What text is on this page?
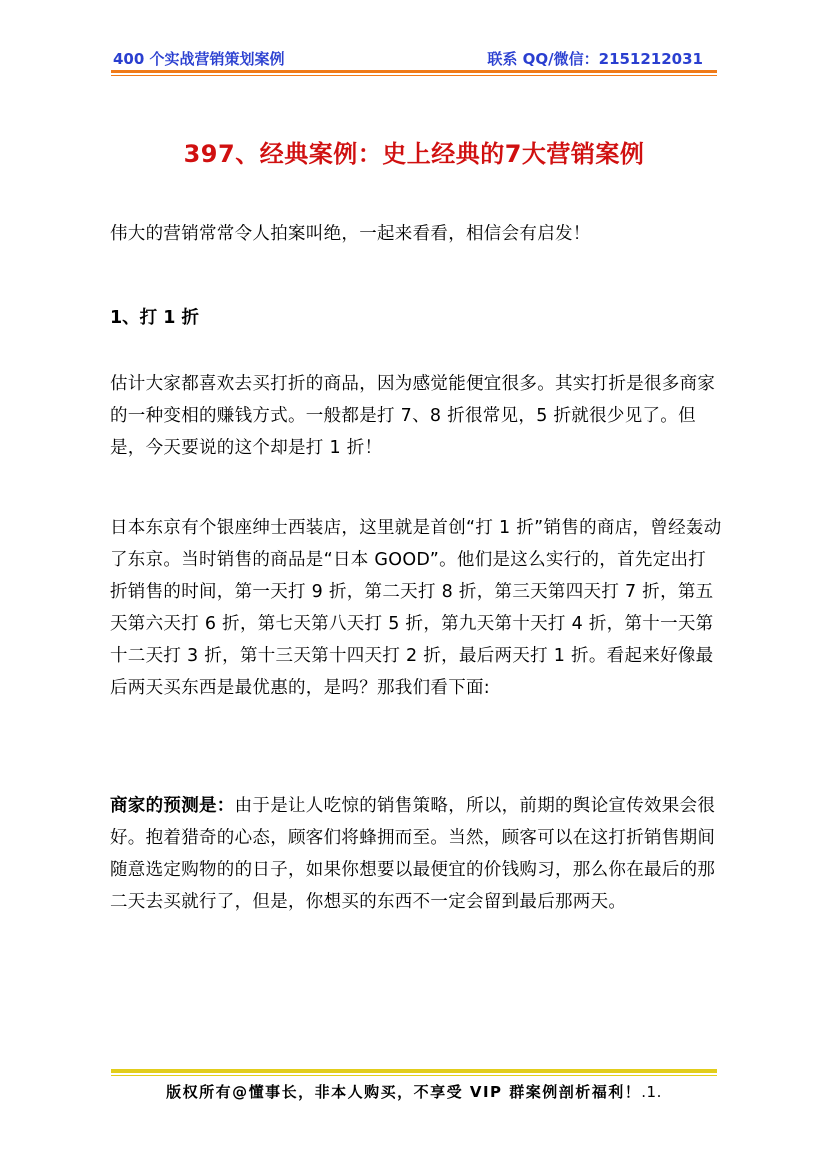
400 个实战营销策划案例	联系 QQ/微信：2151212031
397、经典案例：史上经典的7大营销案例
伟大的营销常常令人拍案叫绝，一起来看看，相信会有启发！
1、打 1 折
估计大家都喜欢去买打折的商品，因为感觉能便宜很多。其实打折是很多商家的一种变相的赚钱方式。一般都是打 7、8 折很常见，5 折就很少见了。但是，今天要说的这个却是打 1 折！
日本东京有个银座绅士西装店，这里就是首创“打 1 折”销售的商店，曾经轰动了东京。当时销售的商品是“日本 GOOD”。他们是这么实行的，首先定出打折销售的时间，第一天打 9 折，第二天打 8 折，第三天第四天打 7 折，第五天第六天打 6 折，第七天第八天打 5 折，第九天第十天打 4 折，第十一天第十二天打 3 折，第十三天第十四天打 2 折，最后两天打 1 折。看起来好像最后两天买东西是最优惠的，是吗？那我们看下面:
商家的预测是：由于是让人吃惊的销售策略，所以，前期的舆论宣传效果会很好。抱着猎奇的心态，顾客们将蜂拥而至。当然，顾客可以在这打折销售期间随意选定购物的的日子，如果你想要以最便宜的价钱购习，那么你在最后的那二天去买就行了，但是，你想买的东西不一定会留到最后那两天。
版权所有@懂事长，非本人购买，不享受 VIP 群案例剖析福利！.1.
